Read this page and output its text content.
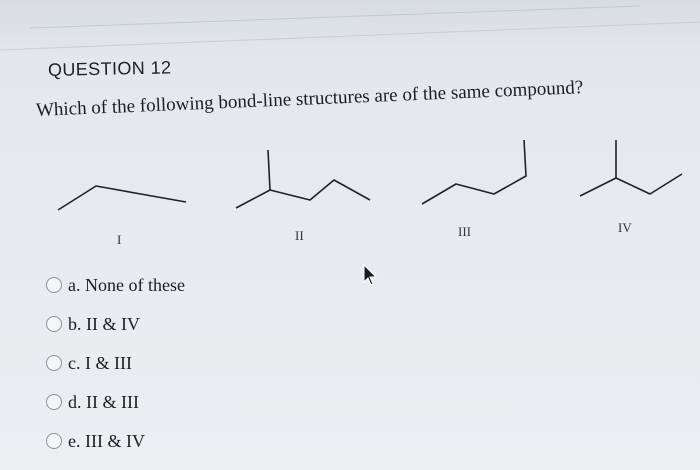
QUESTION 12
Which of the following bond-line structures are of the same compound?
I	II	III	IV
a. None of these
b. II & IV
c. I & III
d. II & III
e. III & IV
